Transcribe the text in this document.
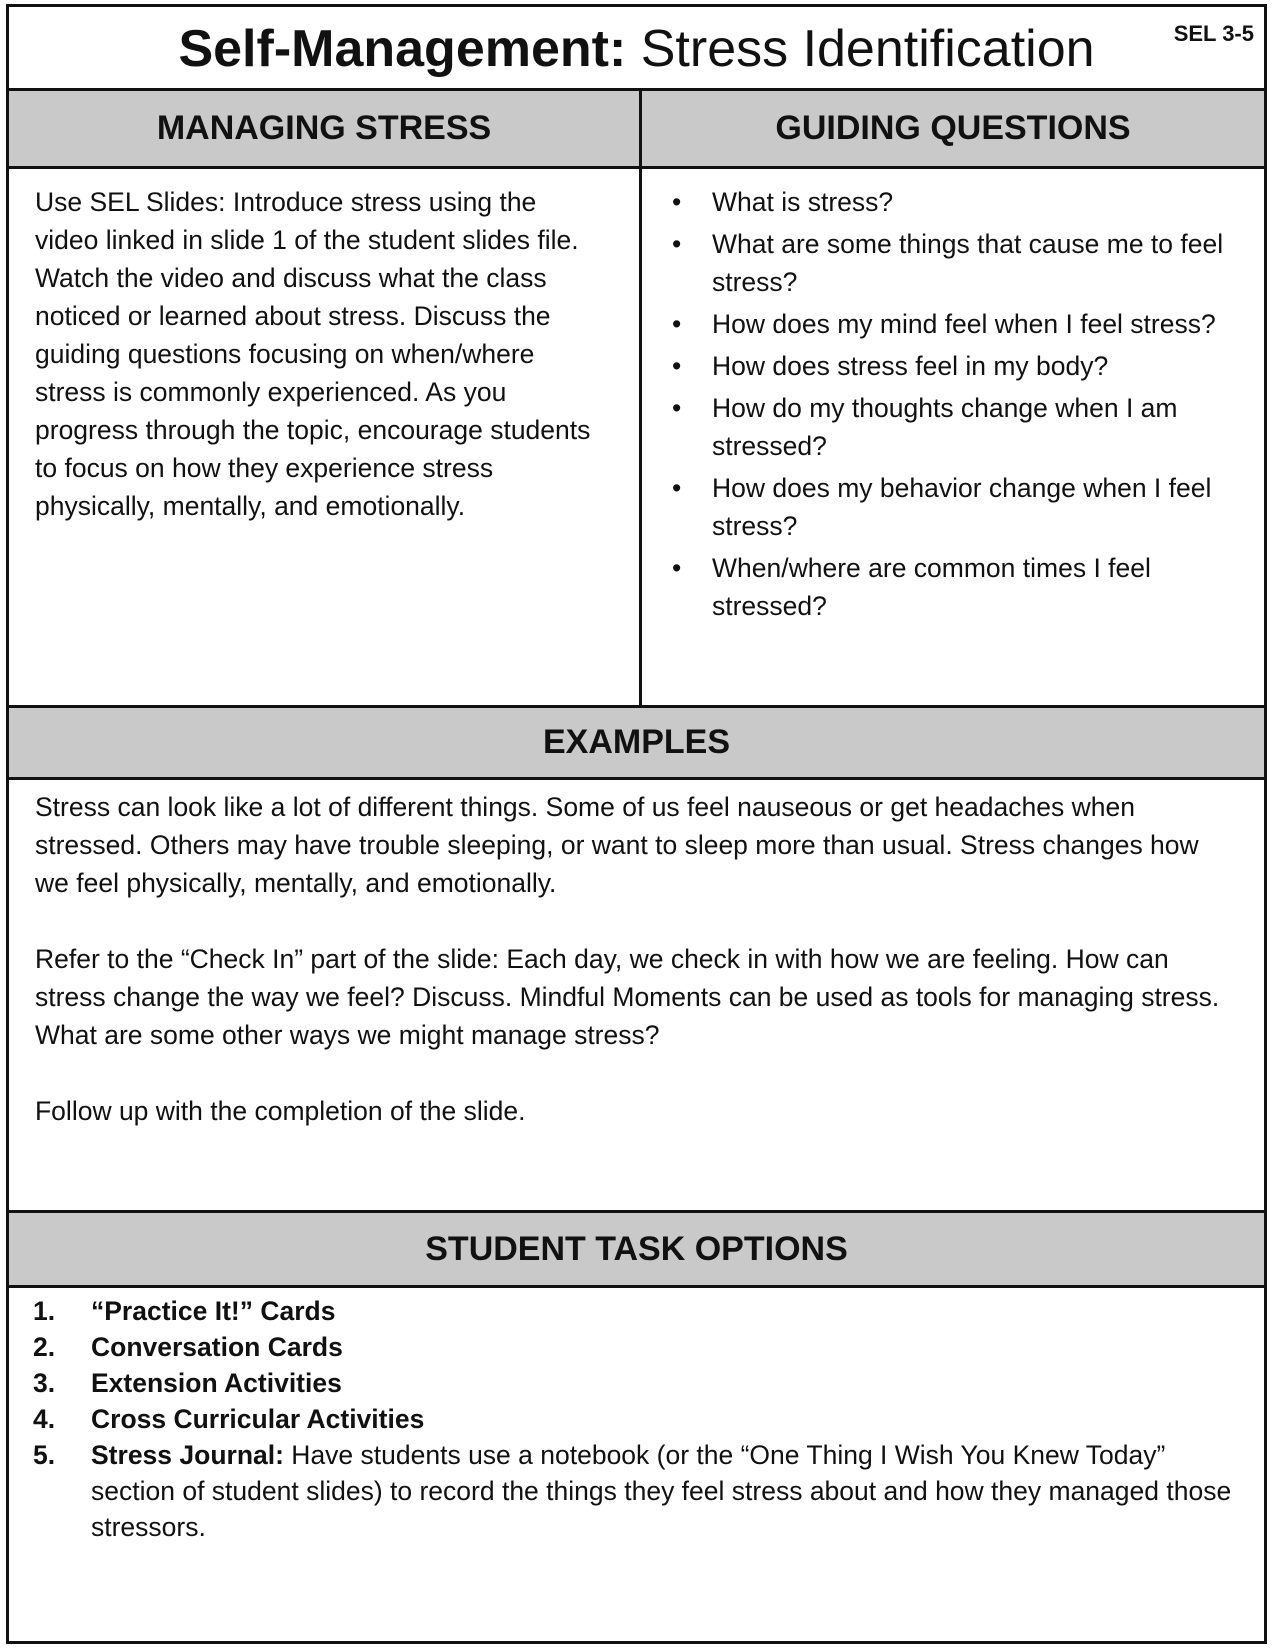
Self-Management: Stress Identification	SEL 3-5
MANAGING STRESS	GUIDING QUESTIONS

Use SEL Slides: Introduce stress using the video linked in slide 1 of the student slides file. Watch the video and discuss what the class noticed or learned about stress. Discuss the guiding questions focusing on when/where stress is commonly experienced. As you progress through the topic, encourage students to focus on how they experience stress physically, mentally, and emotionally.

• What is stress?
• What are some things that cause me to feel stress?
• How does my mind feel when I feel stress?
• How does stress feel in my body?
• How do my thoughts change when I am stressed?
• How does my behavior change when I feel stress?
• When/where are common times I feel stressed?
EXAMPLES

Stress can look like a lot of different things. Some of us feel nauseous or get headaches when stressed. Others may have trouble sleeping, or want to sleep more than usual. Stress changes how we feel physically, mentally, and emotionally.

Refer to the “Check In” part of the slide: Each day, we check in with how we are feeling. How can stress change the way we feel? Discuss. Mindful Moments can be used as tools for managing stress. What are some other ways we might manage stress?

Follow up with the completion of the slide.

STUDENT TASK OPTIONS
1. “Practice It!” Cards
2. Conversation Cards
3. Extension Activities
4. Cross Curricular Activities
5. Stress Journal: Have students use a notebook (or the “One Thing I Wish You Knew Today” section of student slides) to record the things they feel stress about and how they managed those stressors.
